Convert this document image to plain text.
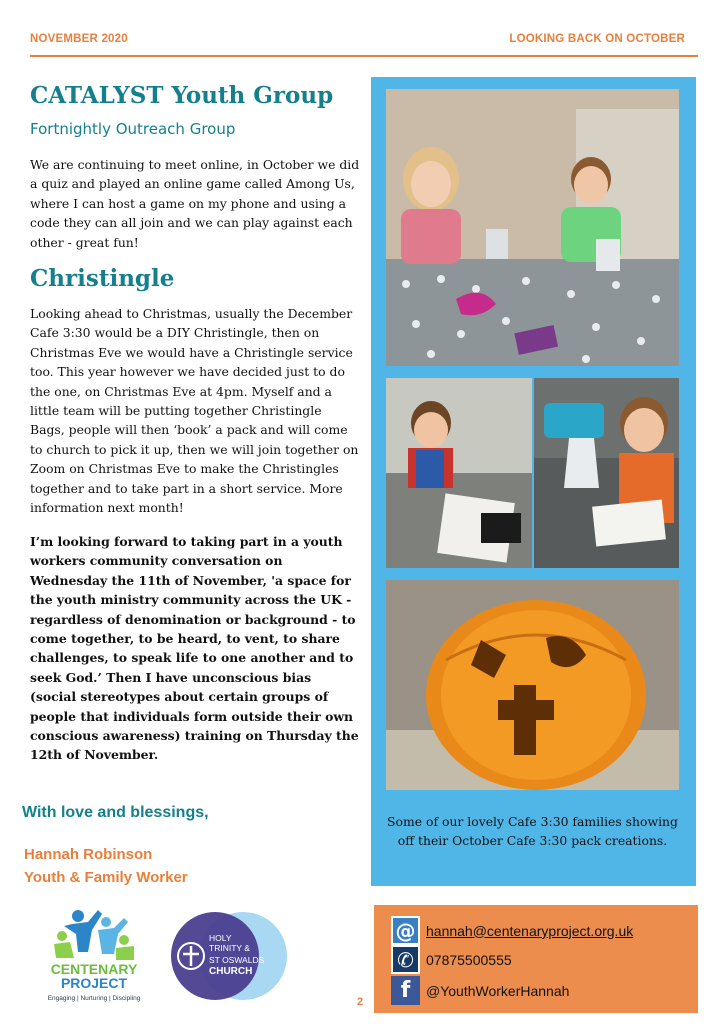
NOVEMBER 2020	LOOKING BACK ON OCTOBER
CATALYST Youth Group
Fortnightly Outreach Group
We are continuing to meet online, in October we did a quiz and played an online game called Among Us, where I can host a game on my phone and using a code they can all join and we can play against each other - great fun!
Christingle
Looking ahead to Christmas, usually the December Cafe 3:30 would be a DIY Christingle, then on Christmas Eve we would have a Christingle service too. This year however we have decided just to do the one, on Christmas Eve at 4pm. Myself and a little team will be putting together Christingle Bags, people will then ‘book’ a pack and will come to church to pick it up, then we will join together on Zoom on Christmas Eve to make the Christingles together and to take part in a short service. More information next month!
I’m looking forward to taking part in a youth workers community conversation on Wednesday the 11th of November, 'a space for the youth ministry community across the UK - regardless of denomination or background - to come together, to be heard, to vent, to share challenges, to speak life to one another and to seek God.’ Then I have unconscious bias (social stereotypes about certain groups of people that individuals form outside their own conscious awareness) training on Thursday the 12th of November.
With love and blessings,
Hannah Robinson
Youth & Family Worker
Some of our lovely Cafe 3:30 families showing off their October Cafe 3:30 pack creations.
CENTENARY
PROJECT
Engaging | Nurturing | Discipling
HOLY
TRINITY &
ST OSWALDS
CHURCH
2
@ hannah@centenaryproject.org.uk
✆ 07875500555
f	@YouthWorkerHannah
